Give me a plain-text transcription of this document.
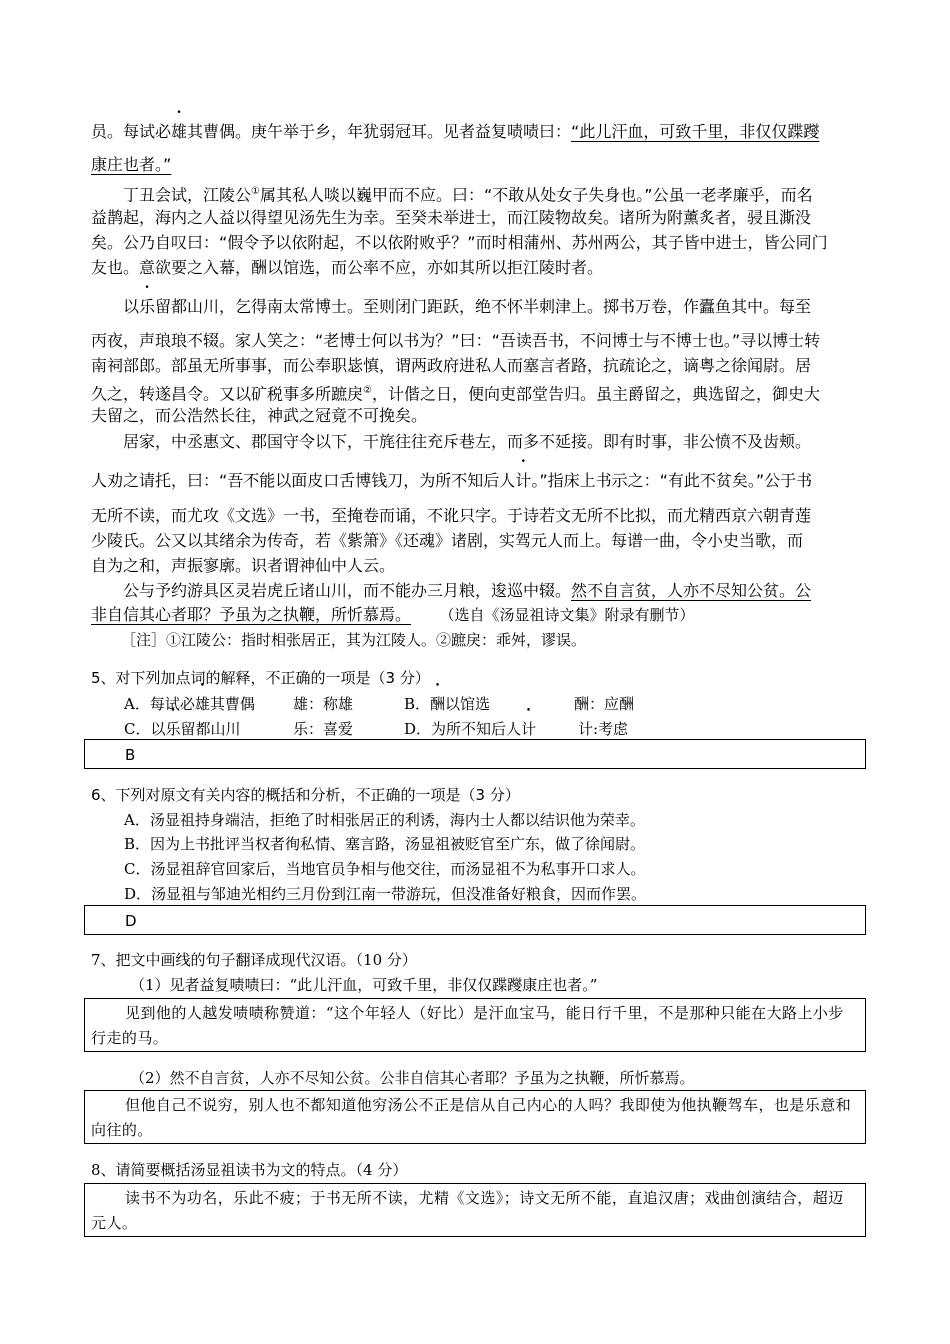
员。每试必雄其曹偶。庚午举于乡，年犹弱冠耳。见者益复啧啧曰：“此儿汗血，可致千里，非仅仅蹀躞
康庄也者。”
丁丑会试，江陵公①属其私人啖以巍甲而不应。曰：“不敢从处女子失身也。”公虽一老孝廉乎，而名
益鹊起，海内之人益以得望见汤先生为幸。至癸未举进士，而江陵物故矣。诸所为附薰炙者，骎且澌没
矣。公乃自叹曰：“假令予以依附起，不以依附败乎？”而时相蒲州、苏州两公，其子皆中进士，皆公同门
友也。意欲要之入幕，酬以馆选，而公率不应，亦如其所以拒江陵时者。
以乐留都山川，乞得南太常博士。至则闭门距跃，绝不怀半刺津上。掷书万卷，作蠹鱼其中。每至
丙夜，声琅琅不辍。家人笑之：“老博士何以书为？”曰：“吾读吾书，不问博士与不博士也。”寻以博士转
南祠部郎。部虽无所事事，而公奉职毖慎，谓两政府进私人而塞言者路，抗疏论之，谪粤之徐闻尉。居
久之，转遂昌令。又以矿税事多所蹠戾②，计偕之日，便向吏部堂告归。虽主爵留之，典选留之，御史大
夫留之，而公浩然长往，神武之冠竟不可挽矣。
居家，中丞惠文、郡国守令以下，干旄往往充斥巷左，而多不延接。即有时事，非公愤不及齿颊。
人劝之请托，曰：“吾不能以面皮口舌博钱刀，为所不知后人计。”指床上书示之：“有此不贫矣。”公于书
无所不读，而尤攻《文选》一书，至掩卷而诵，不讹只字。于诗若文无所不比拟，而尤精西京六朝青莲
少陵氏。公又以其绪余为传奇，若《紫箫》《还魂》诸剧，实驾元人而上。每谱一曲，令小史当歌，而
自为之和，声振寥廓。识者谓神仙中人云。
公与予约游具区灵岩虎丘诸山川，而不能办三月粮，逡巡中辍。然不自言贫，人亦不尽知公贫。公
非自信其心者耶？予虽为之执鞭，所忻慕焉。 （选自《汤显祖诗文集》附录有删节）
［注］①江陵公：指时相张居正，其为江陵人。②蹠戾：乖舛，谬误。
5、对下列加点词的解释，不正确的一项是（3 分）
A．每试必雄其曹偶	雄：称雄	B．酬以馆选	酬：应酬
C．以乐留都山川	乐：喜爱	D．为所不知后人计	计:考虑
B
6、下列对原文有关内容的概括和分析，不正确的一项是（3 分）
A．汤显祖持身端洁，拒绝了时相张居正的利诱，海内士人都以结识他为荣幸。
B．因为上书批评当权者徇私情、塞言路，汤显祖被贬官至广东，做了徐闻尉。
C．汤显祖辞官回家后，当地官员争相与他交往，而汤显祖不为私事开口求人。
D．汤显祖与邹迪光相约三月份到江南一带游玩，但没准备好粮食，因而作罢。
D
7、把文中画线的句子翻译成现代汉语。（10 分）
（1）见者益复啧啧曰：“此儿汗血，可致千里，非仅仅蹀躞康庄也者。”
见到他的人越发啧啧称赞道：“这个年轻人（好比）是汗血宝马，能日行千里，不是那种只能在大路上小步行走的马。
（2）然不自言贫，人亦不尽知公贫。公非自信其心者耶？予虽为之执鞭，所忻慕焉。
但他自己不说穷，别人也不都知道他穷汤公不正是信从自己内心的人吗？我即使为他执鞭驾车，也是乐意和向往的。
8、请简要概括汤显祖读书为文的特点。（4 分）
读书不为功名，乐此不疲；于书无所不读，尤精《文选》；诗文无所不能，直追汉唐；戏曲创演结合，超迈元人。
